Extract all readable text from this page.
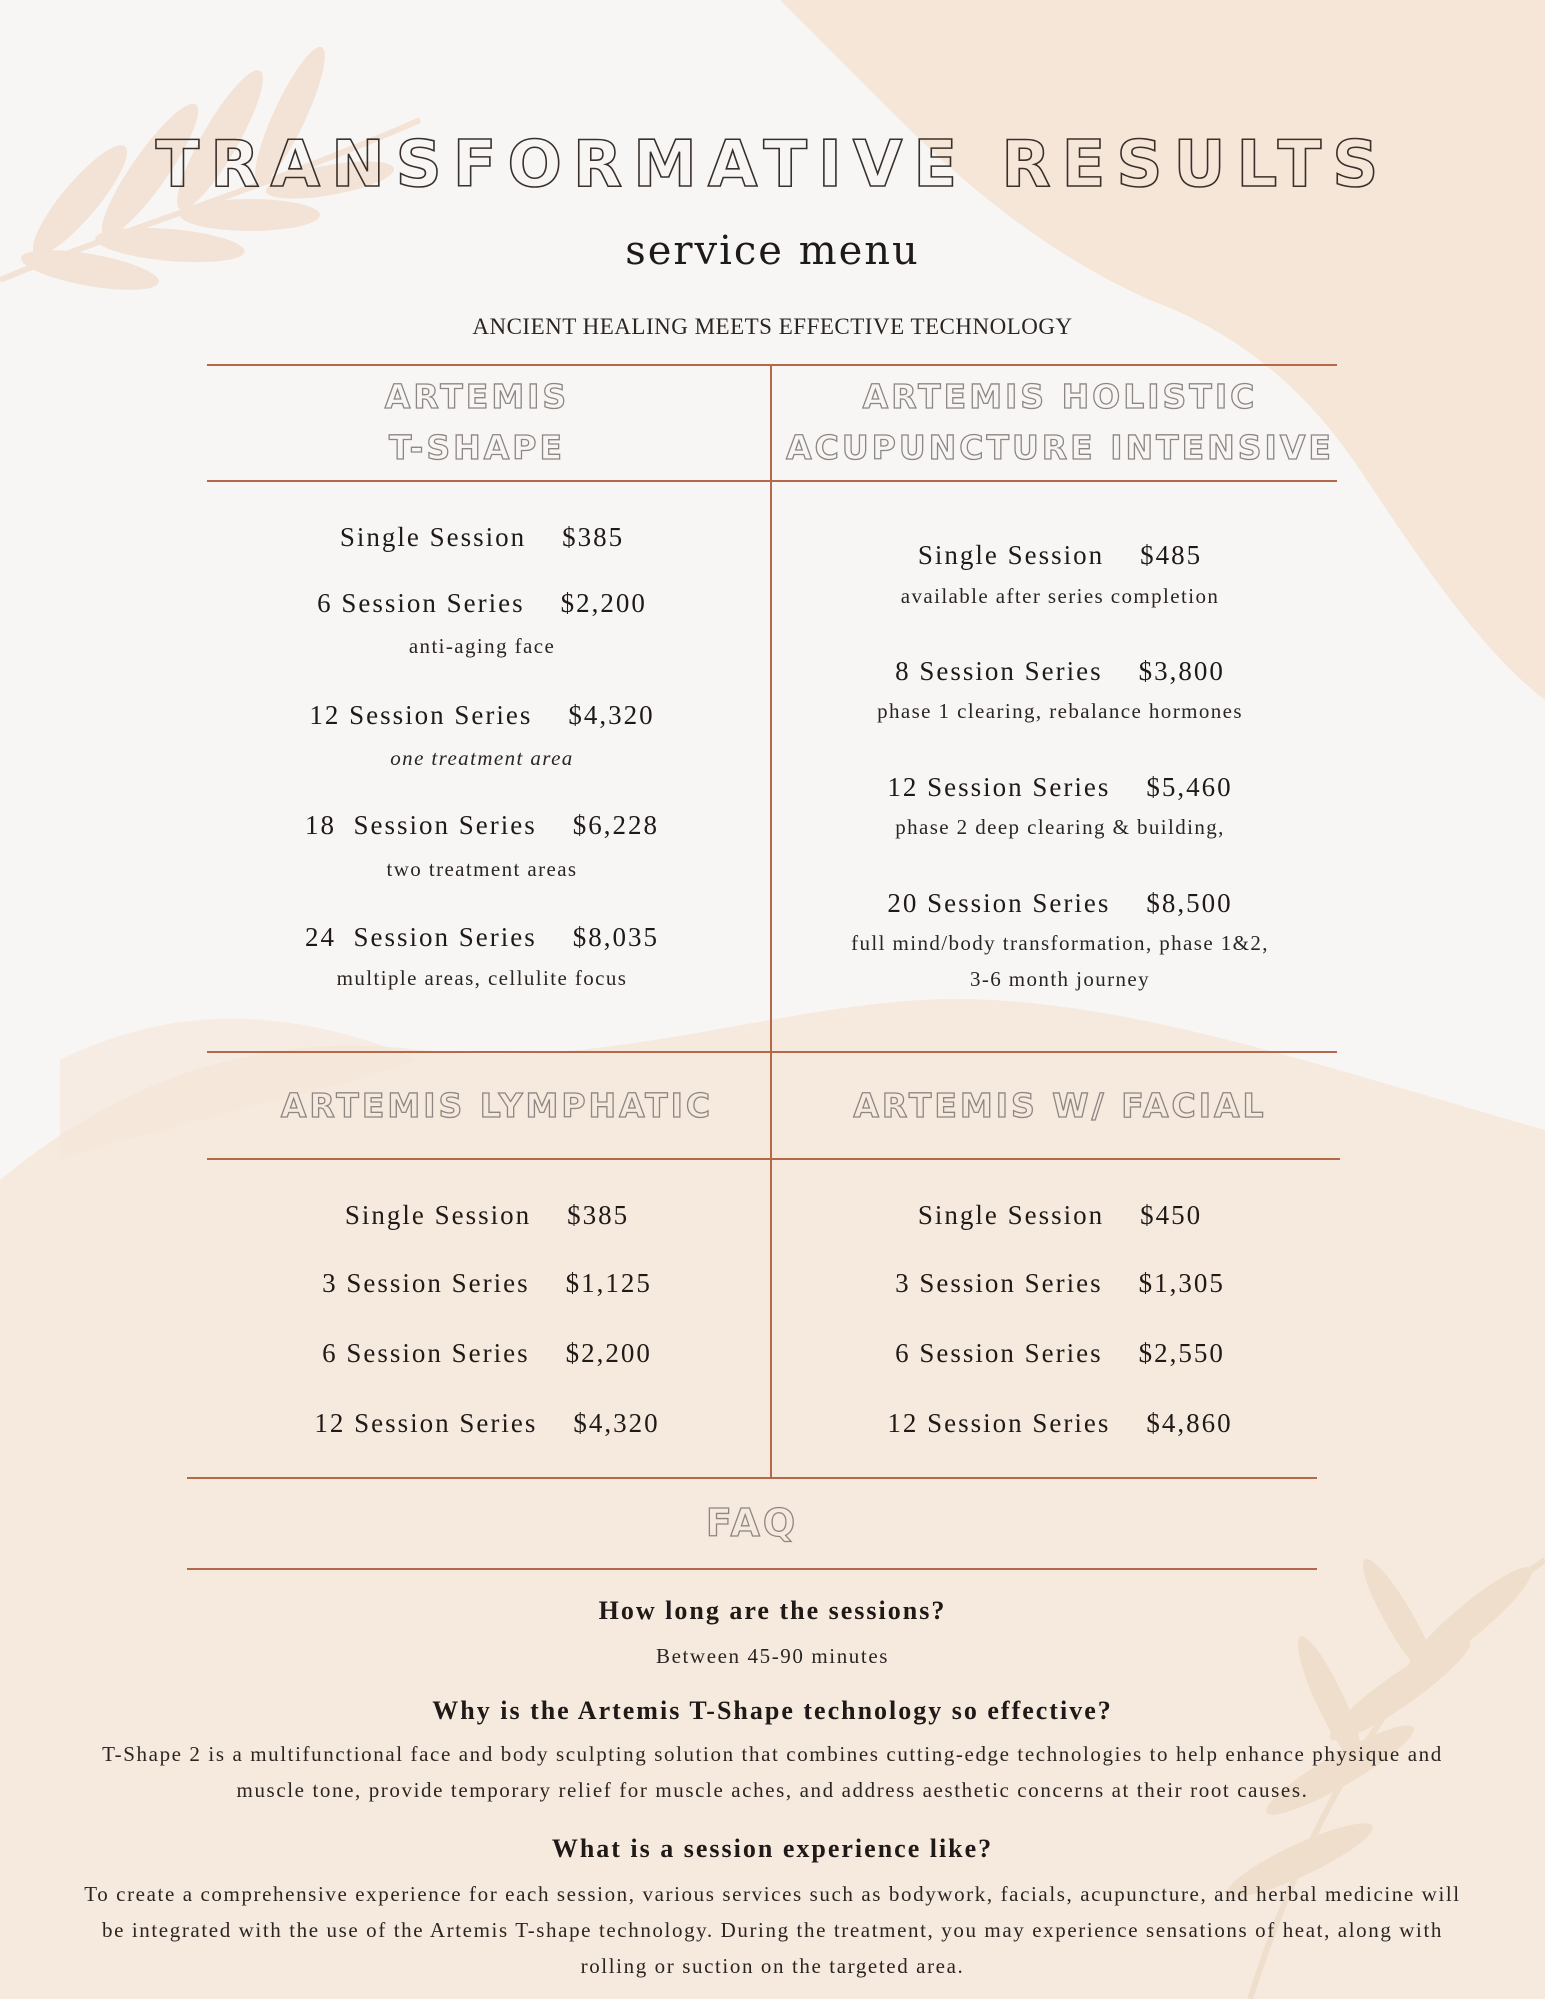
TRANSFORMATIVE RESULTS
service menu
ANCIENT HEALING MEETS EFFECTIVE TECHNOLOGY
ARTEMIS
T-SHAPE
ARTEMIS HOLISTIC
ACUPUNCTURE INTENSIVE
ARTEMIS LYMPHATIC	ARTEMIS W/ FACIAL
Single Session $385
6 Session Series $2,200
anti-aging face
12 Session Series $4,320
one treatment area
18  Session Series $6,228
two treatment areas
24  Session Series $8,035
multiple areas, cellulite focus
Single Session $485
available after series completion
8 Session Series $3,800
phase 1 clearing, rebalance hormones
12 Session Series $5,460
phase 2 deep clearing & building,
20 Session Series $8,500
full mind/body transformation, phase 1&2,
3-6 month journey
Single Session $385
3 Session Series $1,125
6 Session Series $2,200
12 Session Series $4,320
Single Session $450
3 Session Series $1,305
6 Session Series $2,550
12 Session Series $4,860
FAQ
How long are the sessions?
Between 45-90 minutes
Why is the Artemis T-Shape technology so effective?
T-Shape 2 is a multifunctional face and body sculpting solution that combines cutting-edge technologies to help enhance physique and muscle tone, provide temporary relief for muscle aches, and address aesthetic concerns at their root causes.
What is a session experience like?
To create a comprehensive experience for each session, various services such as bodywork, facials, acupuncture, and herbal medicine will be integrated with the use of the Artemis T-shape technology. During the treatment, you may experience sensations of heat, along with rolling or suction on the targeted area.
